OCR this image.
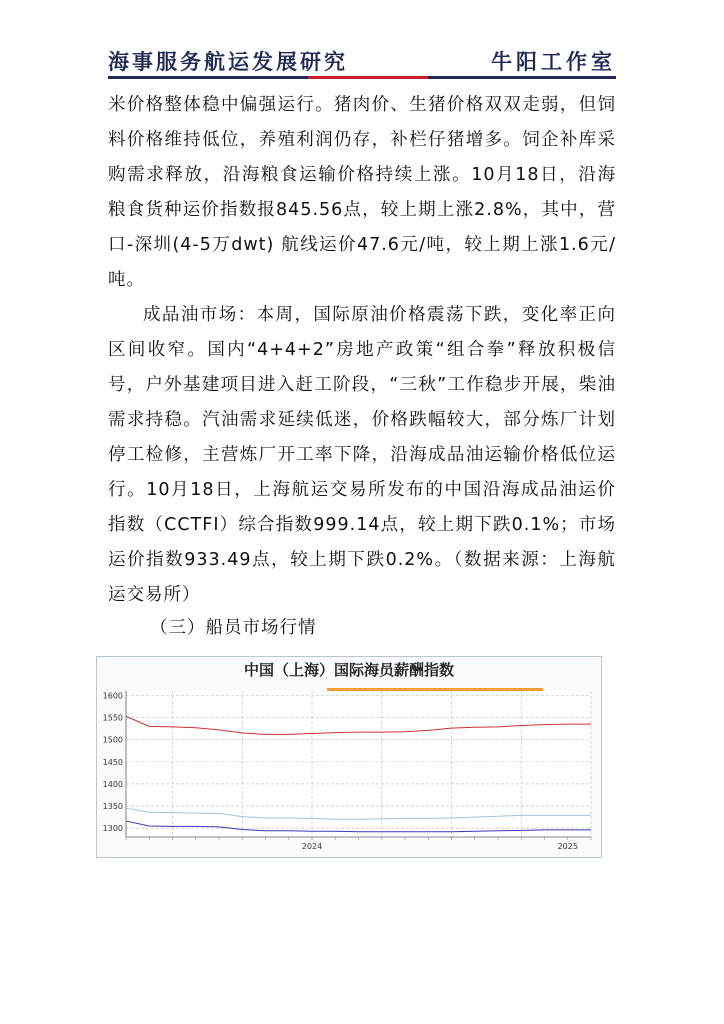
海事服务航运发展研究	牛阳工作室

米价格整体稳中偏强运行。猪肉价、生猪价格双双走弱，但饲料价格维持低位，养殖利润仍存，补栏仔猪增多。饲企补库采购需求释放，沿海粮食运输价格持续上涨。10月18日，沿海粮食货种运价指数报845.56点，较上期上涨2.8%，其中，营口-深圳(4-5万dwt) 航线运价47.6元/吨，较上期上涨1.6元/吨。

成品油市场：本周，国际原油价格震荡下跌，变化率正向区间收窄。国内“4+4+2”房地产政策“组合拳”释放积极信号，户外基建项目进入赶工阶段，“三秋”工作稳步开展，柴油需求持稳。汽油需求延续低迷，价格跌幅较大，部分炼厂计划停工检修，主营炼厂开工率下降，沿海成品油运输价格低位运行。10月18日，上海航运交易所发布的中国沿海成品油运价指数（CCTFI）综合指数999.14点，较上期下跌0.1%；市场运价指数933.49点，较上期下跌0.2%。（数据来源：上海航运交易所）

（三）船员市场行情
中国（上海）国际海员薪酬指数
1300
1350
1400
1450
1500
1550
1600
2024	2025
